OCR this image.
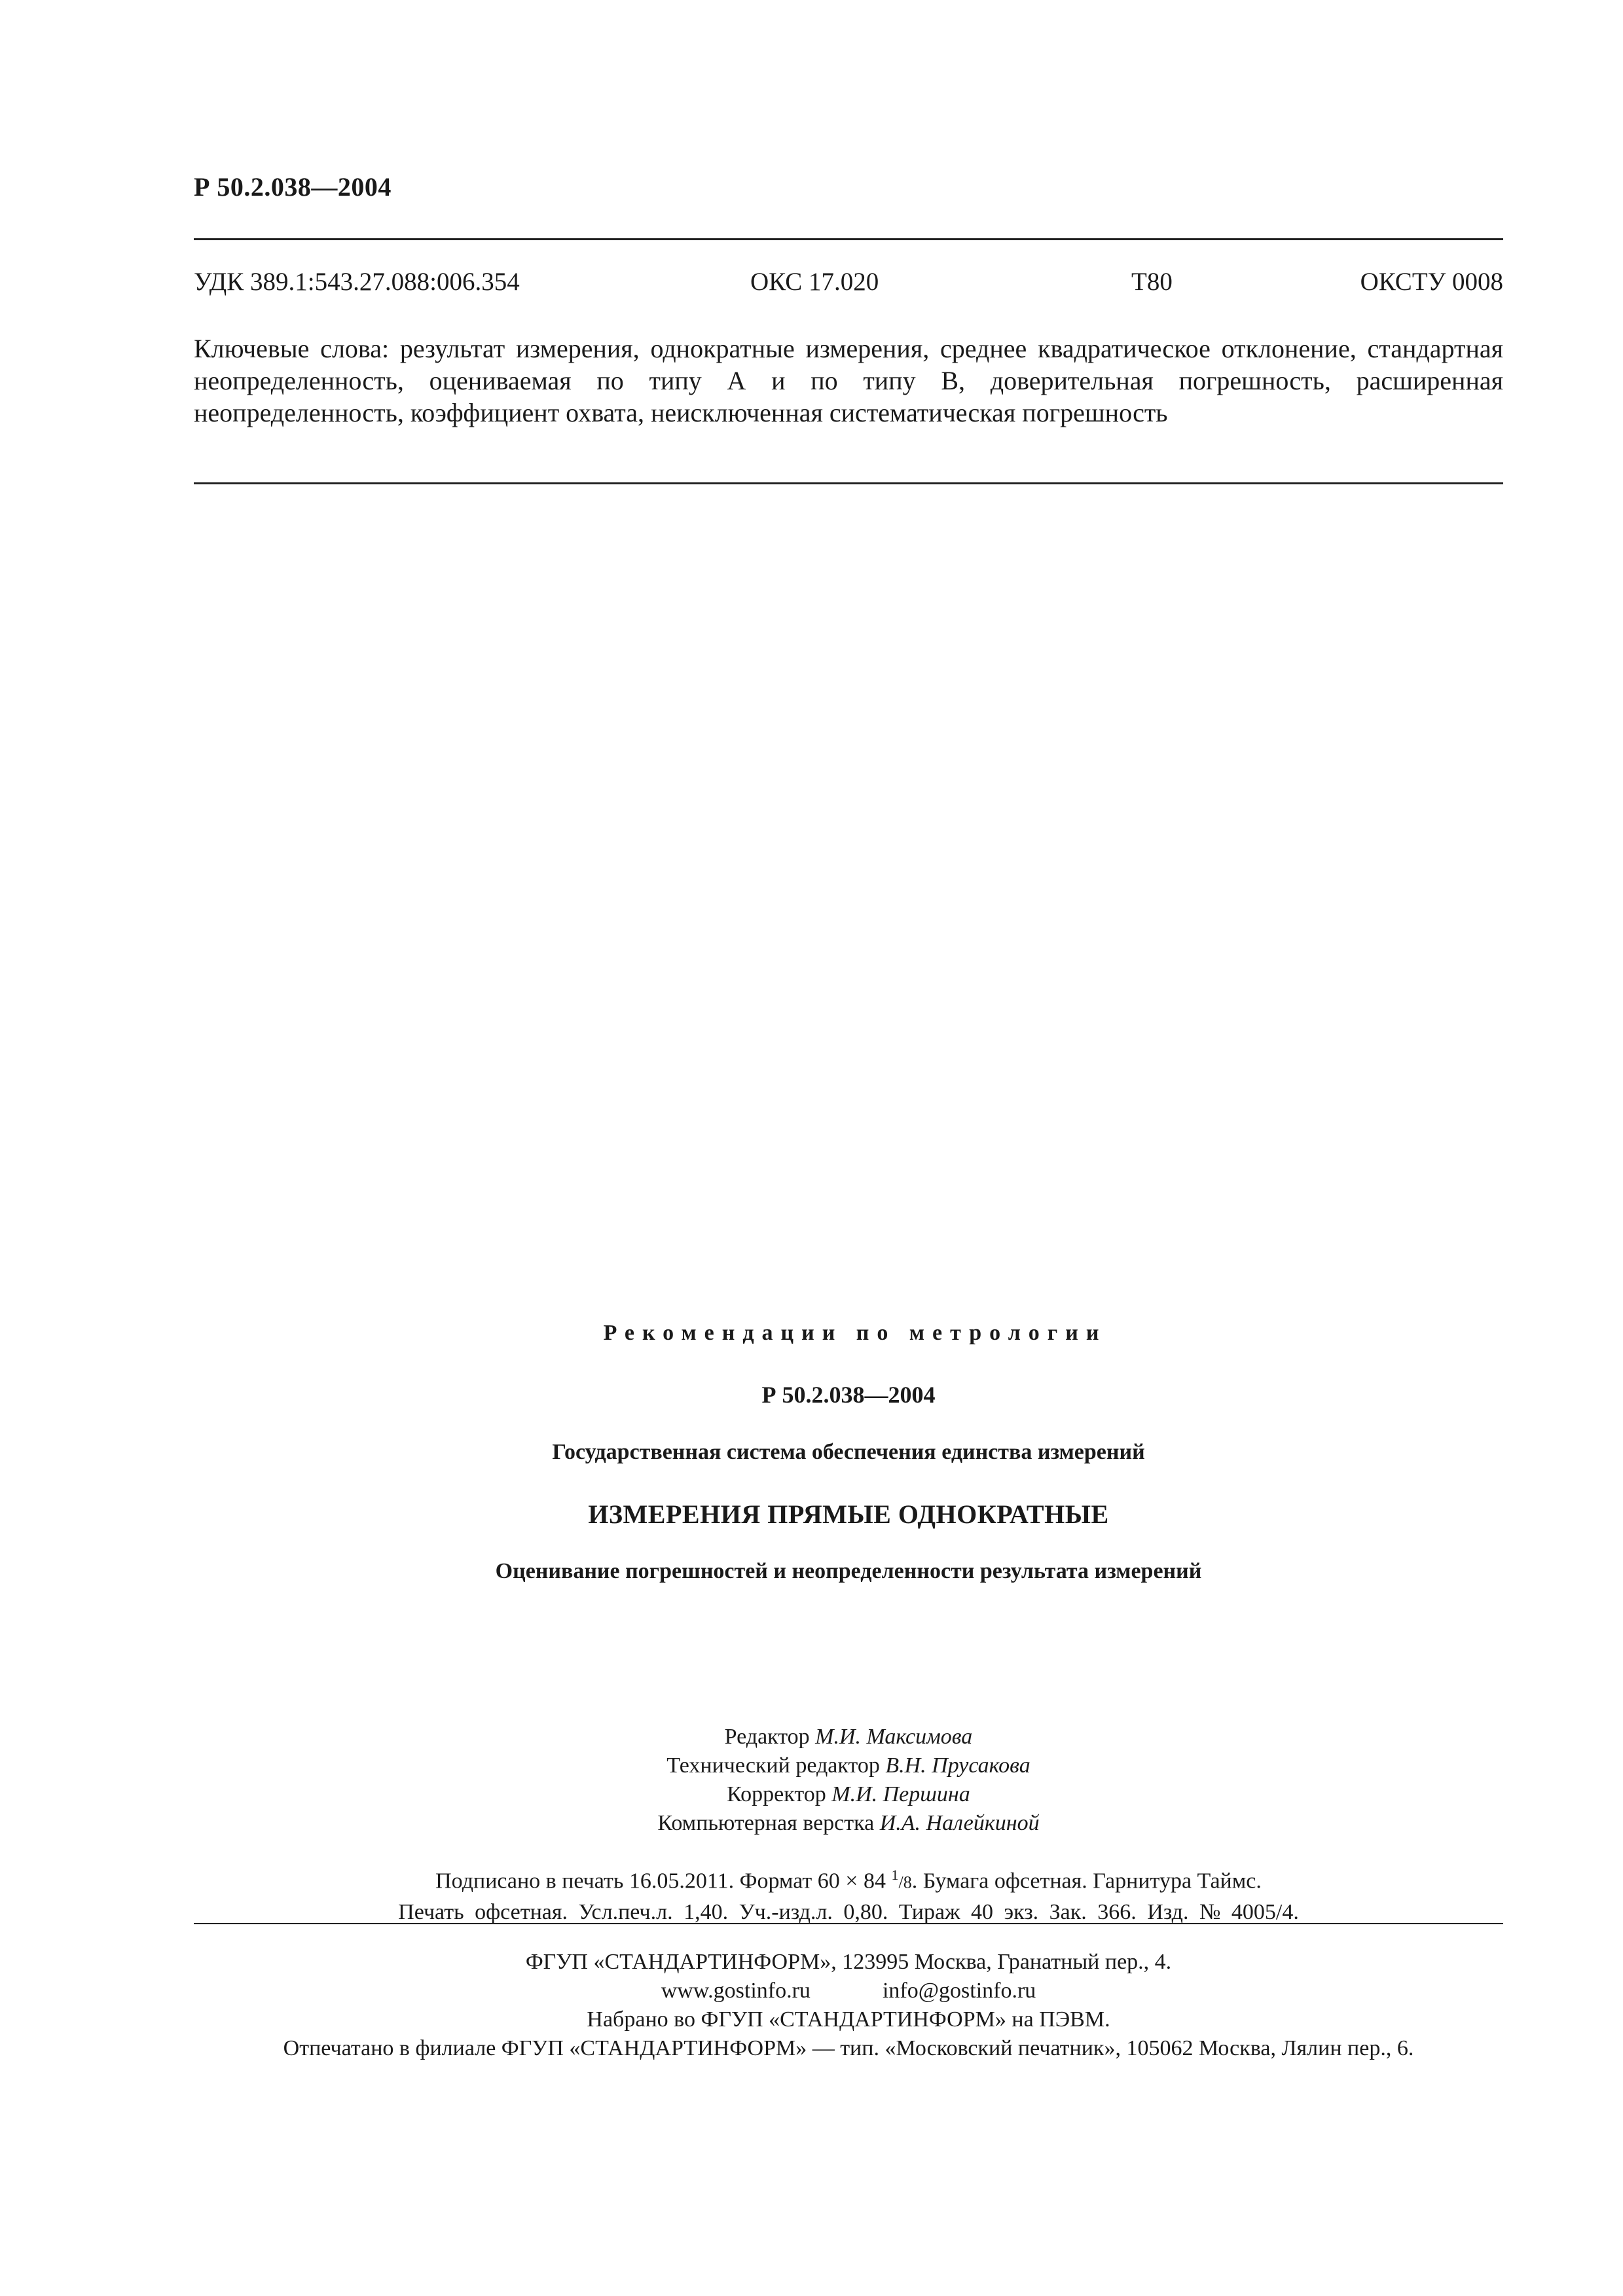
Р 50.2.038—2004
УДК 389.1:543.27.088:006.354	ОКС 17.020	Т80	ОКСТУ 0008
Ключевые слова: результат измерения, однократные измерения, среднее квадратическое отклонение, стандартная неопределенность, оцениваемая по типу А и по типу В, доверительная погрешность, расширенная неопределенность, коэффициент охвата, неисключенная систематическая погрешность
Рекомендации по метрологии
Р 50.2.038—2004
Государственная система обеспечения единства измерений
ИЗМЕРЕНИЯ ПРЯМЫЕ ОДНОКРАТНЫЕ
Оценивание погрешностей и неопределенности результата измерений
Редактор М.И. Максимова
Технический редактор В.Н. Прусакова
Корректор М.И. Першина
Компьютерная верстка И.А. Налейкиной
Подписано в печать 16.05.2011. Формат 60 × 84 $^1$/8. Бумага офсетная. Гарнитура Таймс.
Печать офсетная. Усл.печ.л. 1,40. Уч.-изд.л. 0,80. Тираж 40 экз. Зак. 366. Изд. № 4005/4.
ФГУП «СТАНДАРТИНФОРМ», 123995 Москва, Гранатный пер., 4.
www.gostinfo.ru	info@gostinfo.ru
Набрано во ФГУП «СТАНДАРТИНФОРМ» на ПЭВМ.
Отпечатано в филиале ФГУП «СТАНДАРТИНФОРМ» — тип. «Московский печатник», 105062 Москва, Лялин пер., 6.
